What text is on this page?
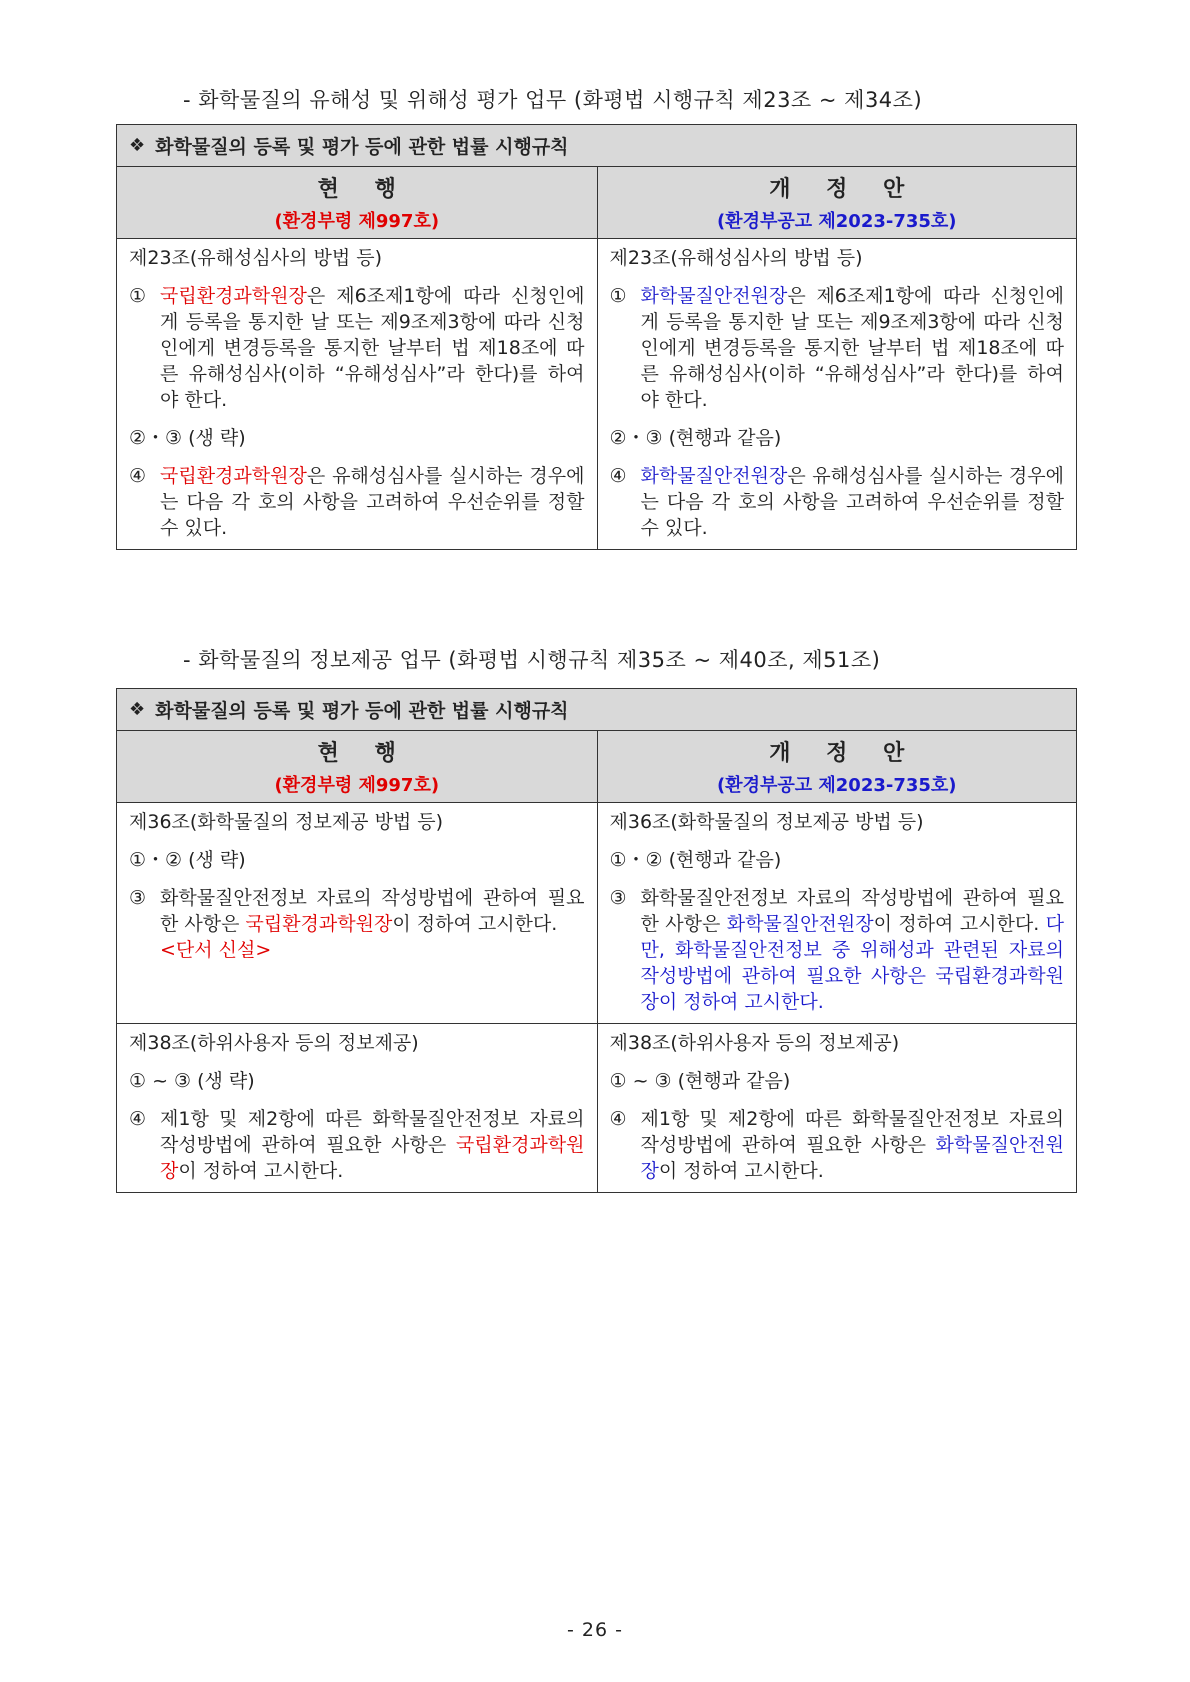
- 화학물질의 유해성 및 위해성 평가 업무 (화평법 시행규칙 제23조 ~ 제34조)
❖ 화학물질의 등록 및 평가 등에 관한 법률 시행규칙
현 행
(환경부령 제997호)
개 정 안
(환경부공고 제2023-735호)
제23조(유해성심사의 방법 등)
① 국립환경과학원장은 제6조제1항에 따라 신청인에게 등록을 통지한 날 또는 제9조제3항에 따라 신청인에게 변경등록을 통지한 날부터 법 제18조에 따른 유해성심사(이하 “유해성심사”라 한다)를 하여야 한다.
②・③ (생 략)
④ 국립환경과학원장은 유해성심사를 실시하는 경우에는 다음 각 호의 사항을 고려하여 우선순위를 정할 수 있다.
제23조(유해성심사의 방법 등)
① 화학물질안전원장은 제6조제1항에 따라 신청인에게 등록을 통지한 날 또는 제9조제3항에 따라 신청인에게 변경등록을 통지한 날부터 법 제18조에 따른 유해성심사(이하 “유해성심사”라 한다)를 하여야 한다.
②・③ (현행과 같음)
④ 화학물질안전원장은 유해성심사를 실시하는 경우에는 다음 각 호의 사항을 고려하여 우선순위를 정할 수 있다.
- 화학물질의 정보제공 업무 (화평법 시행규칙 제35조 ~ 제40조, 제51조)
❖ 화학물질의 등록 및 평가 등에 관한 법률 시행규칙
현 행
(환경부령 제997호)
개 정 안
(환경부공고 제2023-735호)
제36조(화학물질의 정보제공 방법 등)
①・② (생 략)
③ 화학물질안전정보 자료의 작성방법에 관하여 필요한 사항은 국립환경과학원장이 정하여 고시한다.
<단서 신설>
제36조(화학물질의 정보제공 방법 등)
①・② (현행과 같음)
③ 화학물질안전정보 자료의 작성방법에 관하여 필요한 사항은 화학물질안전원장이 정하여 고시한다. 다만, 화학물질안전정보 중 위해성과 관련된 자료의 작성방법에 관하여 필요한 사항은 국립환경과학원장이 정하여 고시한다.
제38조(하위사용자 등의 정보제공)
① ~ ③ (생 략)
④ 제1항 및 제2항에 따른 화학물질안전정보 자료의 작성방법에 관하여 필요한 사항은 국립환경과학원장이 정하여 고시한다.
제38조(하위사용자 등의 정보제공)
① ~ ③ (현행과 같음)
④ 제1항 및 제2항에 따른 화학물질안전정보 자료의 작성방법에 관하여 필요한 사항은 화학물질안전원장이 정하여 고시한다.
- 26 -
